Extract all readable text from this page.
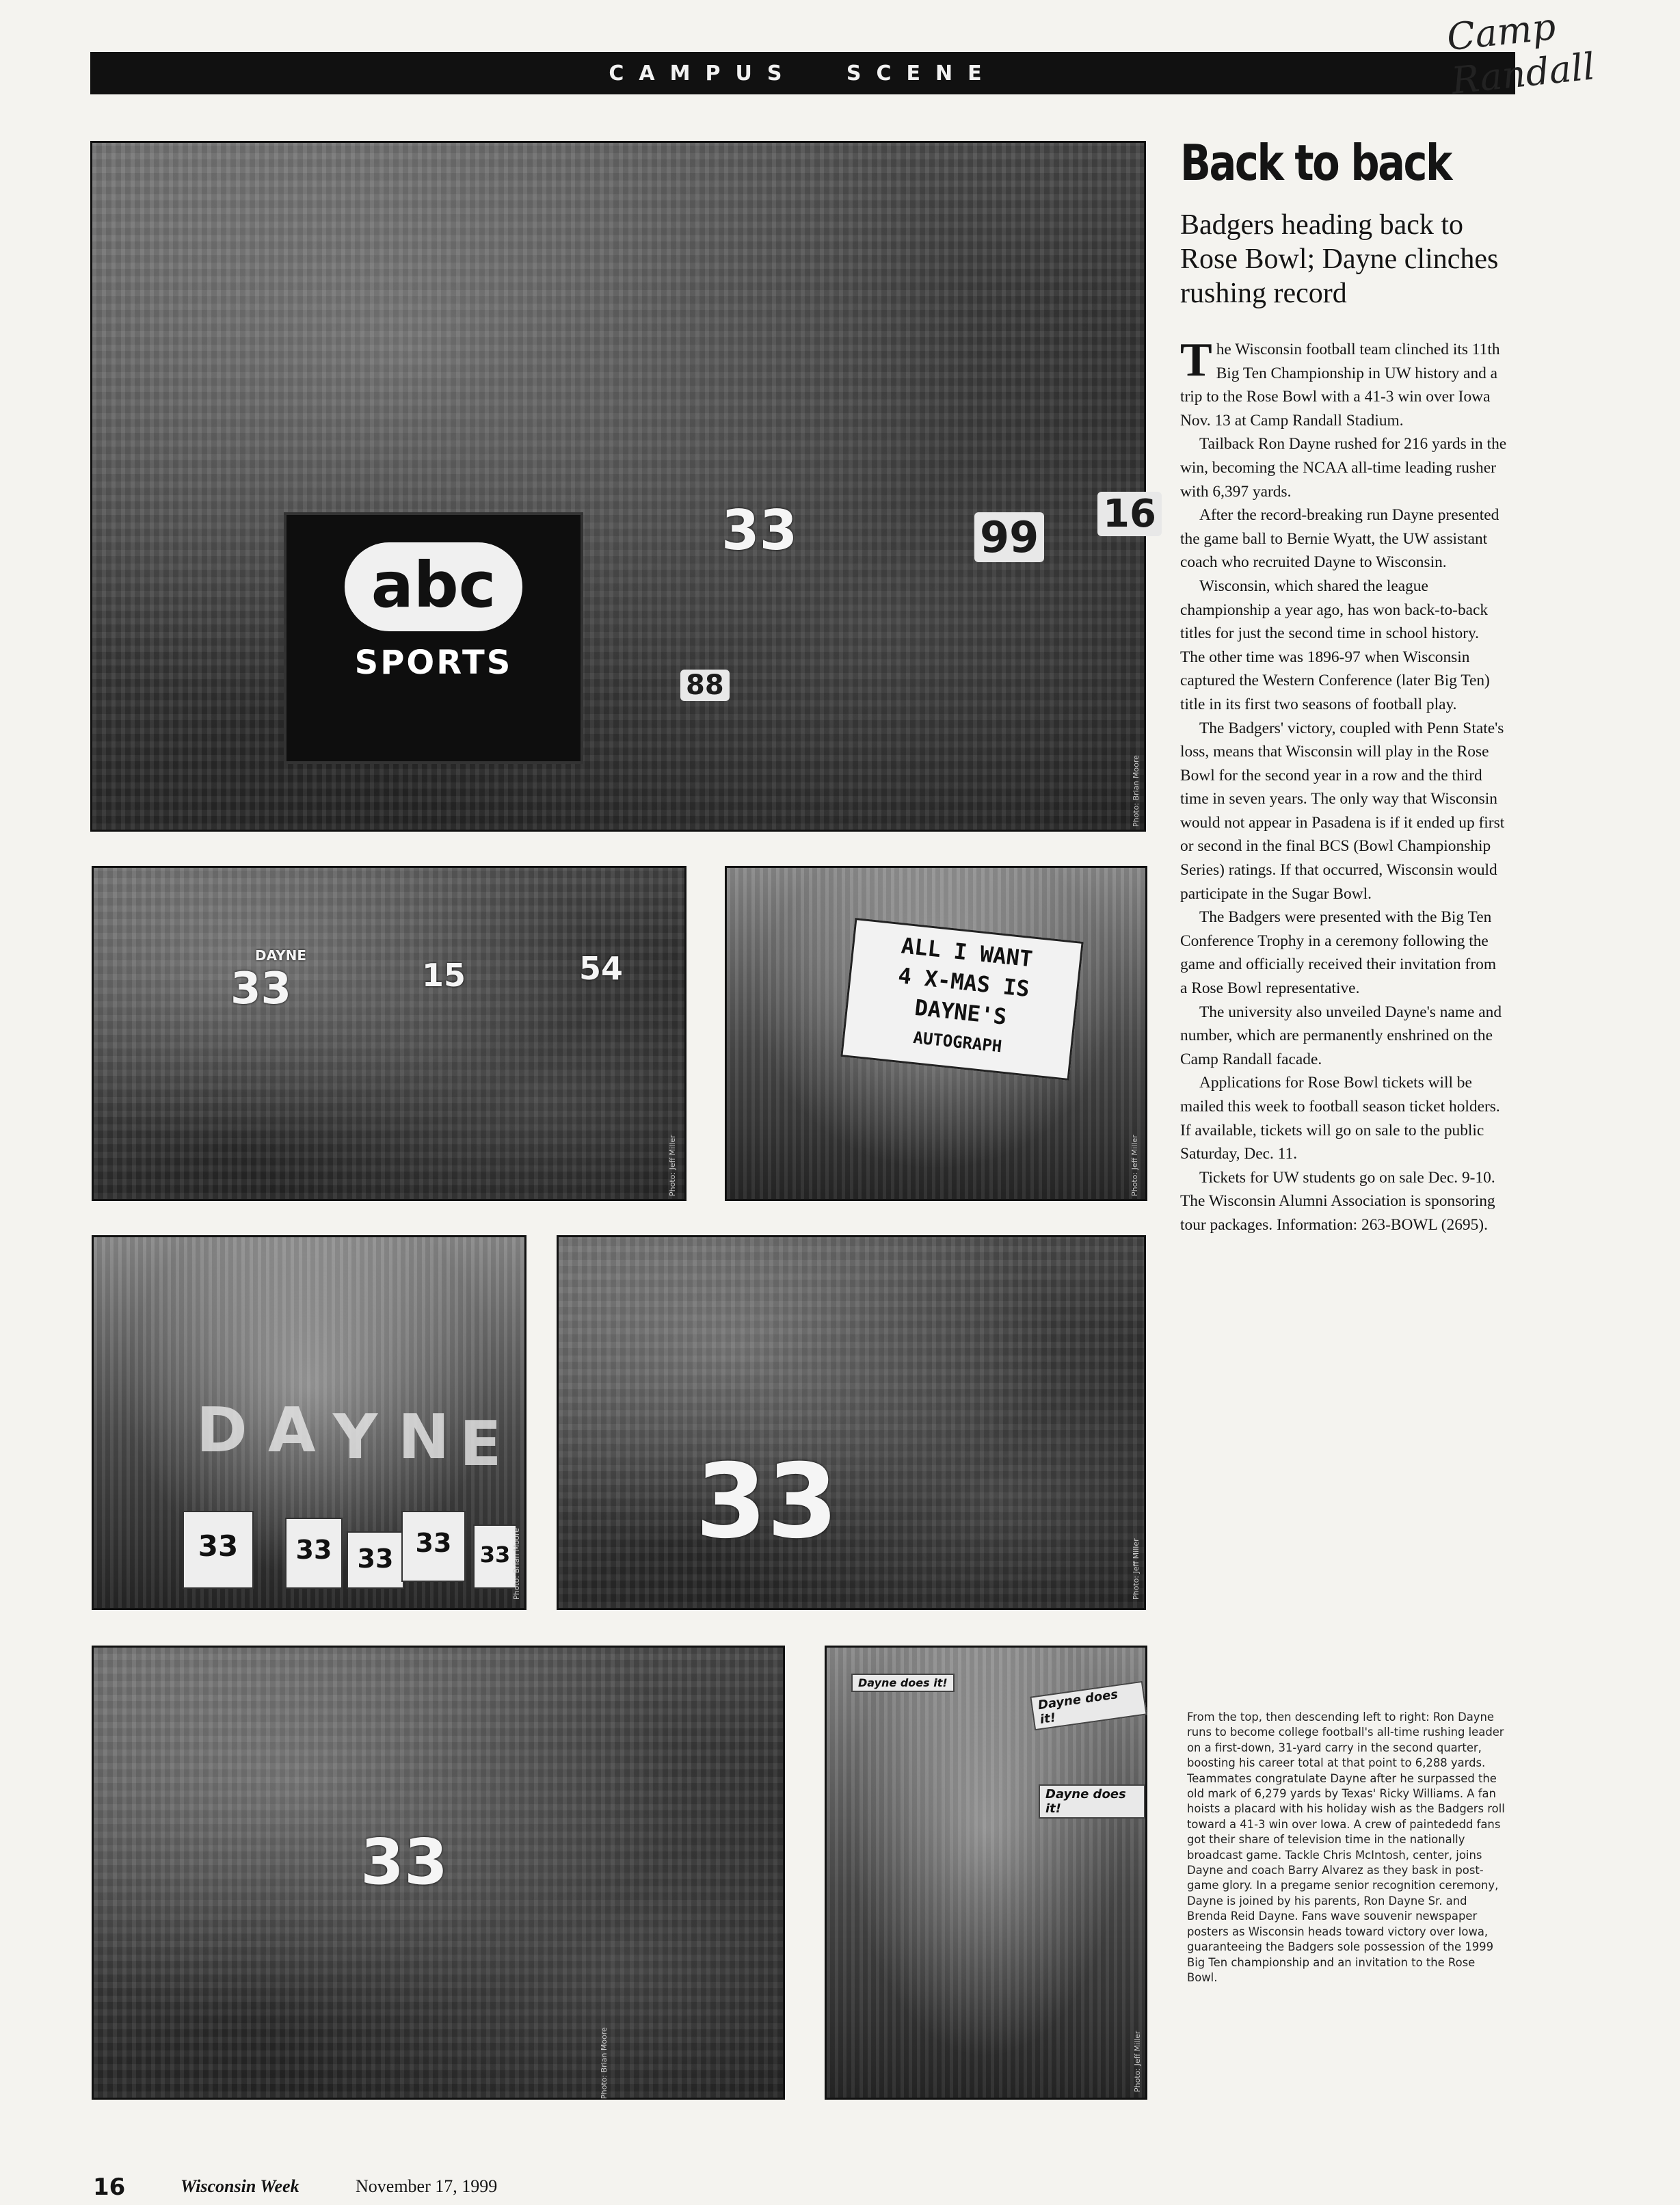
CAMPUS SCENE
Camp Randall
abc
SPORTS
33	99
88
16
Photo: Brian Moore
33
DAYNE
15	54
Photo: Jeff Miller
ALL I WANT
4 X-MAS IS
DAYNE'S
AUTOGRAPH
Photo: Jeff Miller
D A Y N E
33	33 33
33	33 Photo: Brian Moore
33
Photo: Jeff Miller
33
Photo: Brian Moore
Dayne does it!
Dayne does it!
Dayne does it!
Photo: Jeff Miller
Back to back
Badgers heading back to Rose Bowl; Dayne clinches rushing record

The Wisconsin football team clinched its 11th Big Ten Championship in UW history and a trip to the Rose Bowl with a 41-3 win over Iowa Nov. 13 at Camp Randall Stadium.

Tailback Ron Dayne rushed for 216 yards in the win, becoming the NCAA all-time leading rusher with 6,397 yards.

After the record-breaking run Dayne presented the game ball to Bernie Wyatt, the UW assistant coach who recruited Dayne to Wisconsin.

Wisconsin, which shared the league championship a year ago, has won back-to-back titles for just the second time in school history. The other time was 1896-97 when Wisconsin captured the Western Conference (later Big Ten) title in its first two seasons of football play.

The Badgers' victory, coupled with Penn State's loss, means that Wisconsin will play in the Rose Bowl for the second year in a row and the third time in seven years. The only way that Wisconsin would not appear in Pasadena is if it ended up first or second in the final BCS (Bowl Championship Series) ratings. If that occurred, Wisconsin would participate in the Sugar Bowl.

The Badgers were presented with the Big Ten Conference Trophy in a ceremony following the game and officially received their invitation from a Rose Bowl representative.

The university also unveiled Dayne's name and number, which are permanently enshrined on the Camp Randall facade.

Applications for Rose Bowl tickets will be mailed this week to football season ticket holders. If available, tickets will go on sale to the public Saturday, Dec. 11.

Tickets for UW students go on sale Dec. 9-10. The Wisconsin Alumni Association is sponsoring tour packages. Information: 263-BOWL (2695).

From the top, then descending left to right: Ron Dayne runs to become college football's all-time rushing leader on a first-down, 31-yard carry in the second quarter, boosting his career total at that point to 6,288 yards. Teammates congratulate Dayne after he surpassed the old mark of 6,279 yards by Texas' Ricky Williams. A fan hoists a placard with his holiday wish as the Badgers roll toward a 41-3 win over Iowa. A crew of paintededd fans got their share of television time in the nationally broadcast game. Tackle Chris McIntosh, center, joins Dayne and coach Barry Alvarez as they bask in post-game glory. In a pregame senior recognition ceremony, Dayne is joined by his parents, Ron Dayne Sr. and Brenda Reid Dayne. Fans wave souvenir newspaper posters as Wisconsin heads toward victory over Iowa, guaranteeing the Badgers sole possession of the 1999 Big Ten championship and an invitation to the Rose Bowl.
16	Wisconsin Week	November 17, 1999
